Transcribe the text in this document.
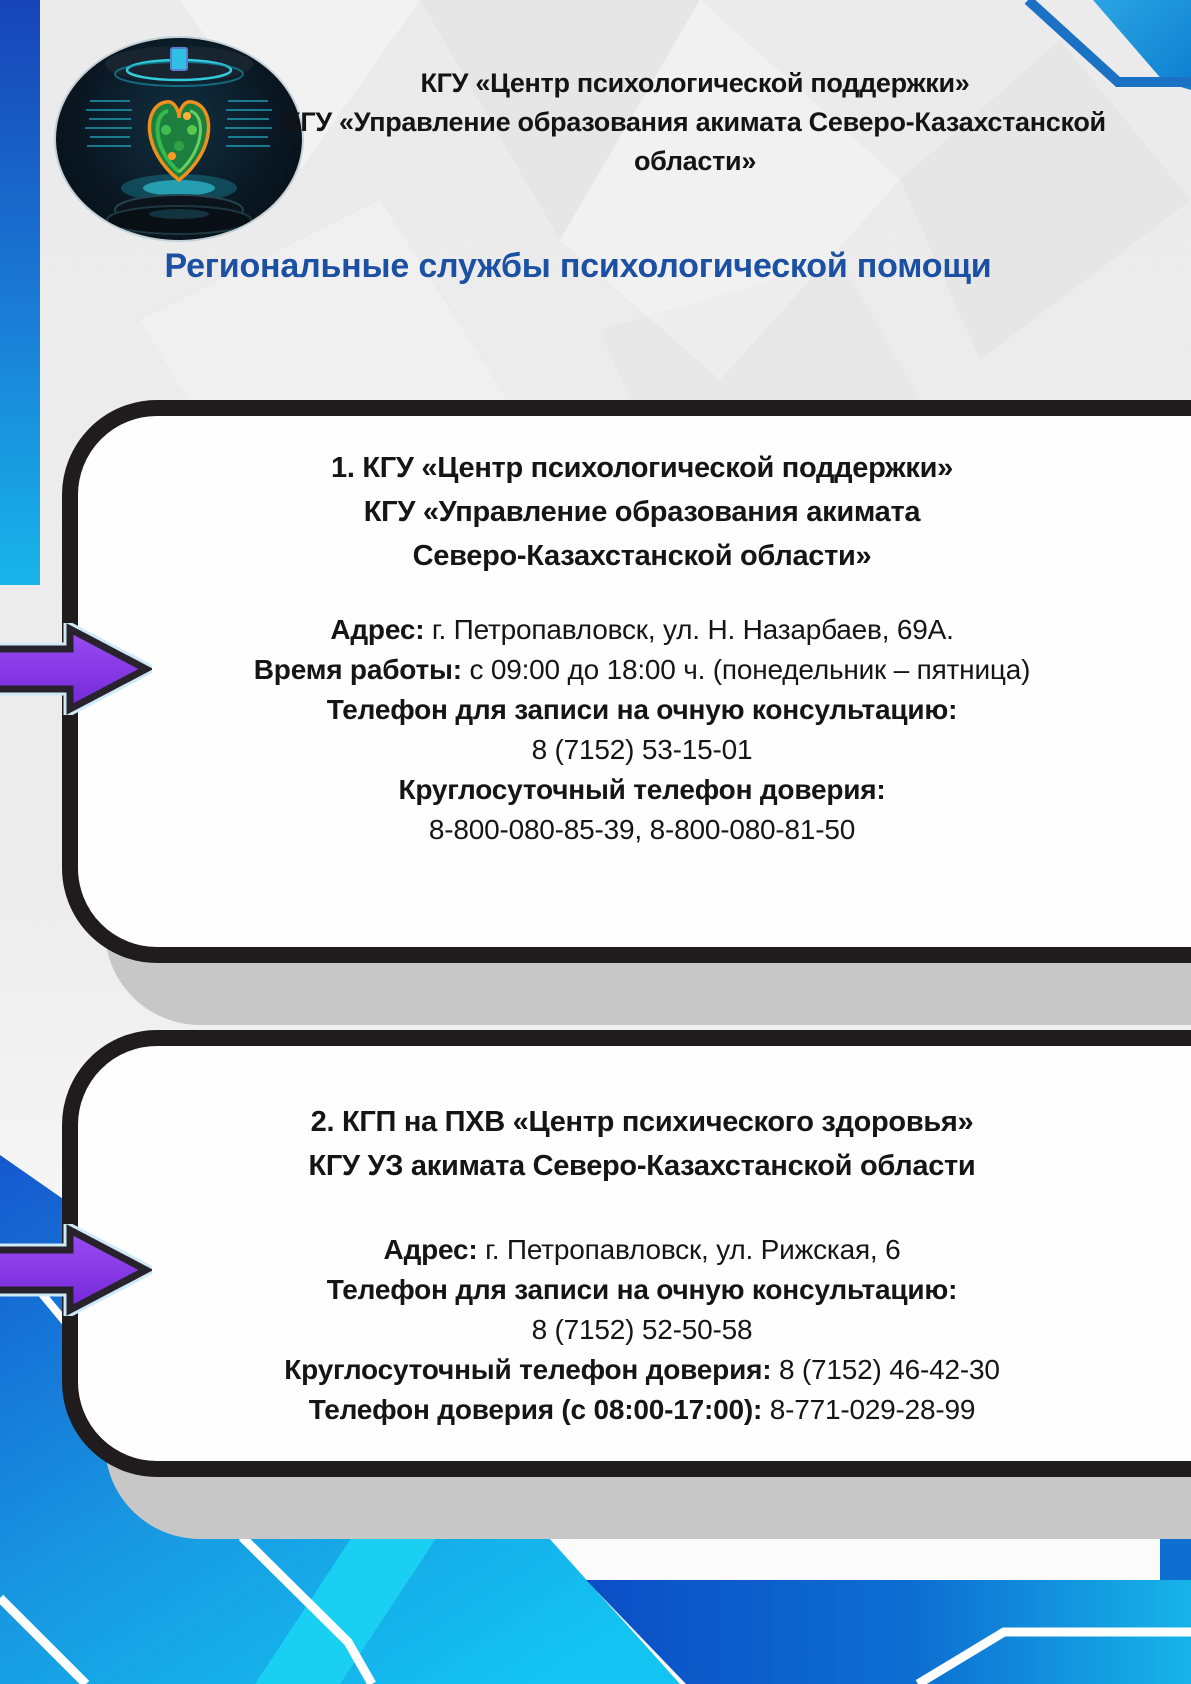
КГУ «Центр психологической поддержки»
КГУ «Управление образования акимата Северо-Казахстанской области»
Региональные службы психологической помощи
1. КГУ «Центр психологической поддержки»
КГУ «Управление образования акимата
Северо-Казахстанской области»
Адрес: г. Петропавловск, ул. Н. Назарбаев, 69А.
Время работы: с 09:00 до 18:00 ч. (понедельник – пятница)
Телефон для записи на очную консультацию:
8 (7152) 53-15-01
Круглосуточный телефон доверия:
8-800-080-85-39, 8-800-080-81-50
2. КГП на ПХВ «Центр психического здоровья»
КГУ УЗ акимата Северо-Казахстанской области
Адрес: г. Петропавловск, ул. Рижская, 6
Телефон для записи на очную консультацию:
8 (7152) 52-50-58
Круглосуточный телефон доверия: 8 (7152) 46-42-30
Телефон доверия (с 08:00-17:00): 8-771-029-28-99
